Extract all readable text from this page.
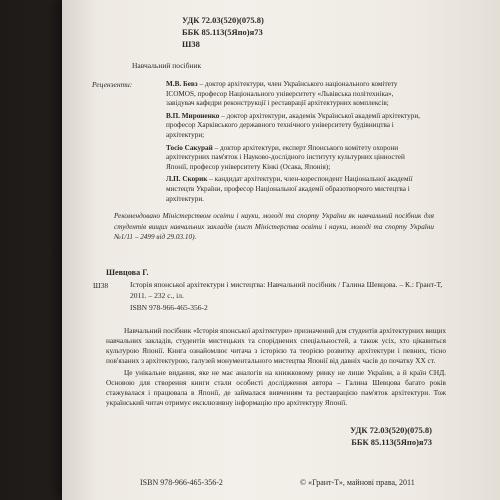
УДК 72.03(520)(075.8)
ББК 85.113(5Япо)я73
Ш38
Навчальний посібник
Рецензенти:	М.В. Бевз – доктор архітектури, член Українського національного комітету ICOMOS, професор Національного університету «Львівська політехніка», завідувач кафедри реконструкції і реставрації архітектурних комплексів;
В.П. Мироненко – доктор архітектури, академік Української академії архітектури, професор Харківського державного технічного університету будівництва і архітектури;
Тосіо Сакурай – доктор архітектури, експерт Японського комітету охорони архітектурних пам'яток і Науково-дослідного інституту культурних цінностей Японії, професор університету Кінкі (Осака, Японія);
Л.П. Скорик – кандидат архітектури, член-кореспондент Національної академії мистецтв України, професор Національної академії образотворчого мистецтва і архітектури.
Рекомендовано Міністерством освіти і науки, молоді та спорту України як навчальний посібник для студентів вищих навчальних закладів (лист Міністерства освіти і науки, молоді та спорту України №1/11 – 2499 від 29.03.10).
Шевцова Г.
Ш38	Історія японської архітектури і мистецтва: Навчальний посібник / Галина Шевцова. – К.: Грант-Т, 2011. – 232 с., іл.
ISBN 978-966-465-356-2

Навчальний посібник «Історія японської архітектури» призначений для студентів архітектурних вищих навчальних закладів, студентів мистецьких та споріднених спеціальностей, а також усіх, хто цікавиться культурою Японії. Книга ознайомлює читача з історією та теорією розвитку архітектури і певних, тісно пов'язаних з архітектурою, галузей монументального мистецтва Японії від давніх часів до початку XX ст.

Це унікальне видання, яке не має аналогів на книжковому ринку не лише України, а й країн СНД. Основою для створення книги стали особисті дослідження автора – Галина Шевцова багато років стажувалася і працювала в Японії, де займалася вивченням та реставрацією пам'яток архітектури. Тож український читач отримує ексклюзивну інформацію про архітектуру Японії.

УДК 72.03(520)(075.8)
ББК 85.113(5Япо)я73
ISBN 978-966-465-356-2	© «Грант-Т», майнові права, 2011
